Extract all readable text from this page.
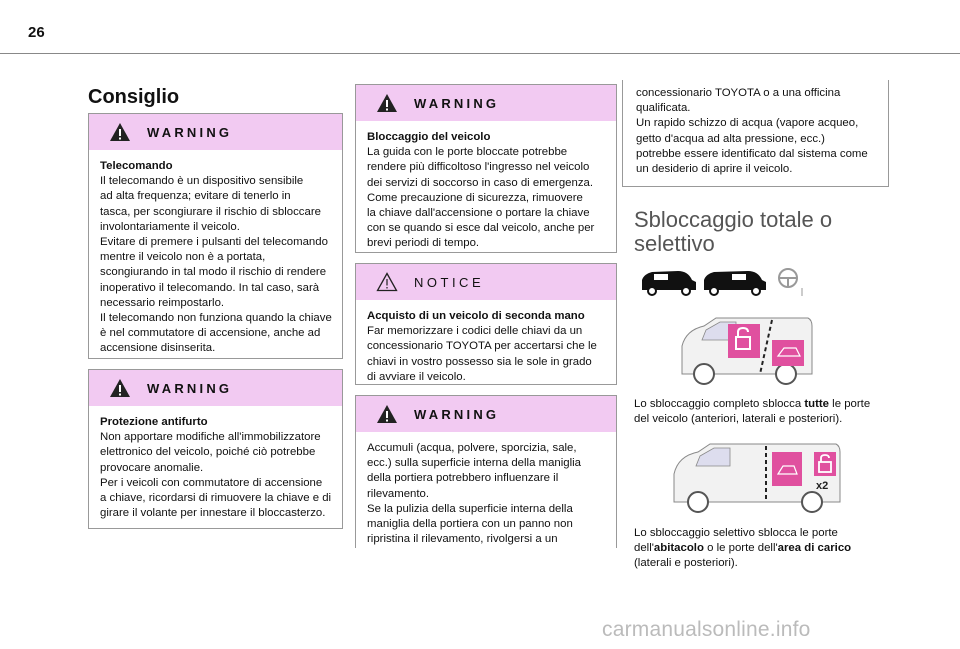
26
Consiglio
WARNING
Telecomando

Il telecomando è un dispositivo sensibile

ad alta frequenza; evitare di tenerlo in

tasca, per scongiurare il rischio di sbloccare

involontariamente il veicolo.

Evitare di premere i pulsanti del telecomando

mentre il veicolo non è a portata,

scongiurando in tal modo il rischio di rendere

inoperativo il telecomando. In tal caso, sarà

necessario reimpostarlo.

Il telecomando non funziona quando la chiave

è nel commutatore di accensione, anche ad

accensione disinserita.

WARNING
Protezione antifurto

Non apportare modifiche all'immobilizzatore

elettronico del veicolo, poiché ciò potrebbe

provocare anomalie.

Per i veicoli con commutatore di accensione

a chiave, ricordarsi di rimuovere la chiave e di

girare il volante per innestare il bloccasterzo.

WARNING
Bloccaggio del veicolo

La guida con le porte bloccate potrebbe

rendere più difficoltoso l'ingresso nel veicolo

dei servizi di soccorso in caso di emergenza.

Come precauzione di sicurezza, rimuovere

la chiave dall'accensione o portare la chiave

con se quando si esce dal veicolo, anche per

brevi periodi di tempo.

NOTICE
Acquisto di un veicolo di seconda mano

Far memorizzare i codici delle chiavi da un

concessionario TOYOTA per accertarsi che le

chiavi in vostro possesso sia le sole in grado

di avviare il veicolo.

WARNING

Accumuli (acqua, polvere, sporcizia, sale,

ecc.) sulla superficie interna della maniglia

della portiera potrebbero influenzare il

rilevamento.

Se la pulizia della superficie interna della

maniglia della portiera con un panno non

ripristina il rilevamento, rivolgersi a un

concessionario TOYOTA o a una officina
qualificata.
Un rapido schizzo di acqua (vapore acqueo,
getto d'acqua ad alta pressione, ecc.)
potrebbe essere identificato dal sistema come
un desiderio di aprire il veicolo.

Sbloccaggio totale o selettivo

Lo sbloccaggio completo sblocca tutte le porte

del veicolo (anteriori, laterali e posteriori).

x2

Lo sbloccaggio selettivo sblocca le porte

dell'abitacolo o le porte dell'area di carico

(laterali e posteriori).

carmanualsonline.info
